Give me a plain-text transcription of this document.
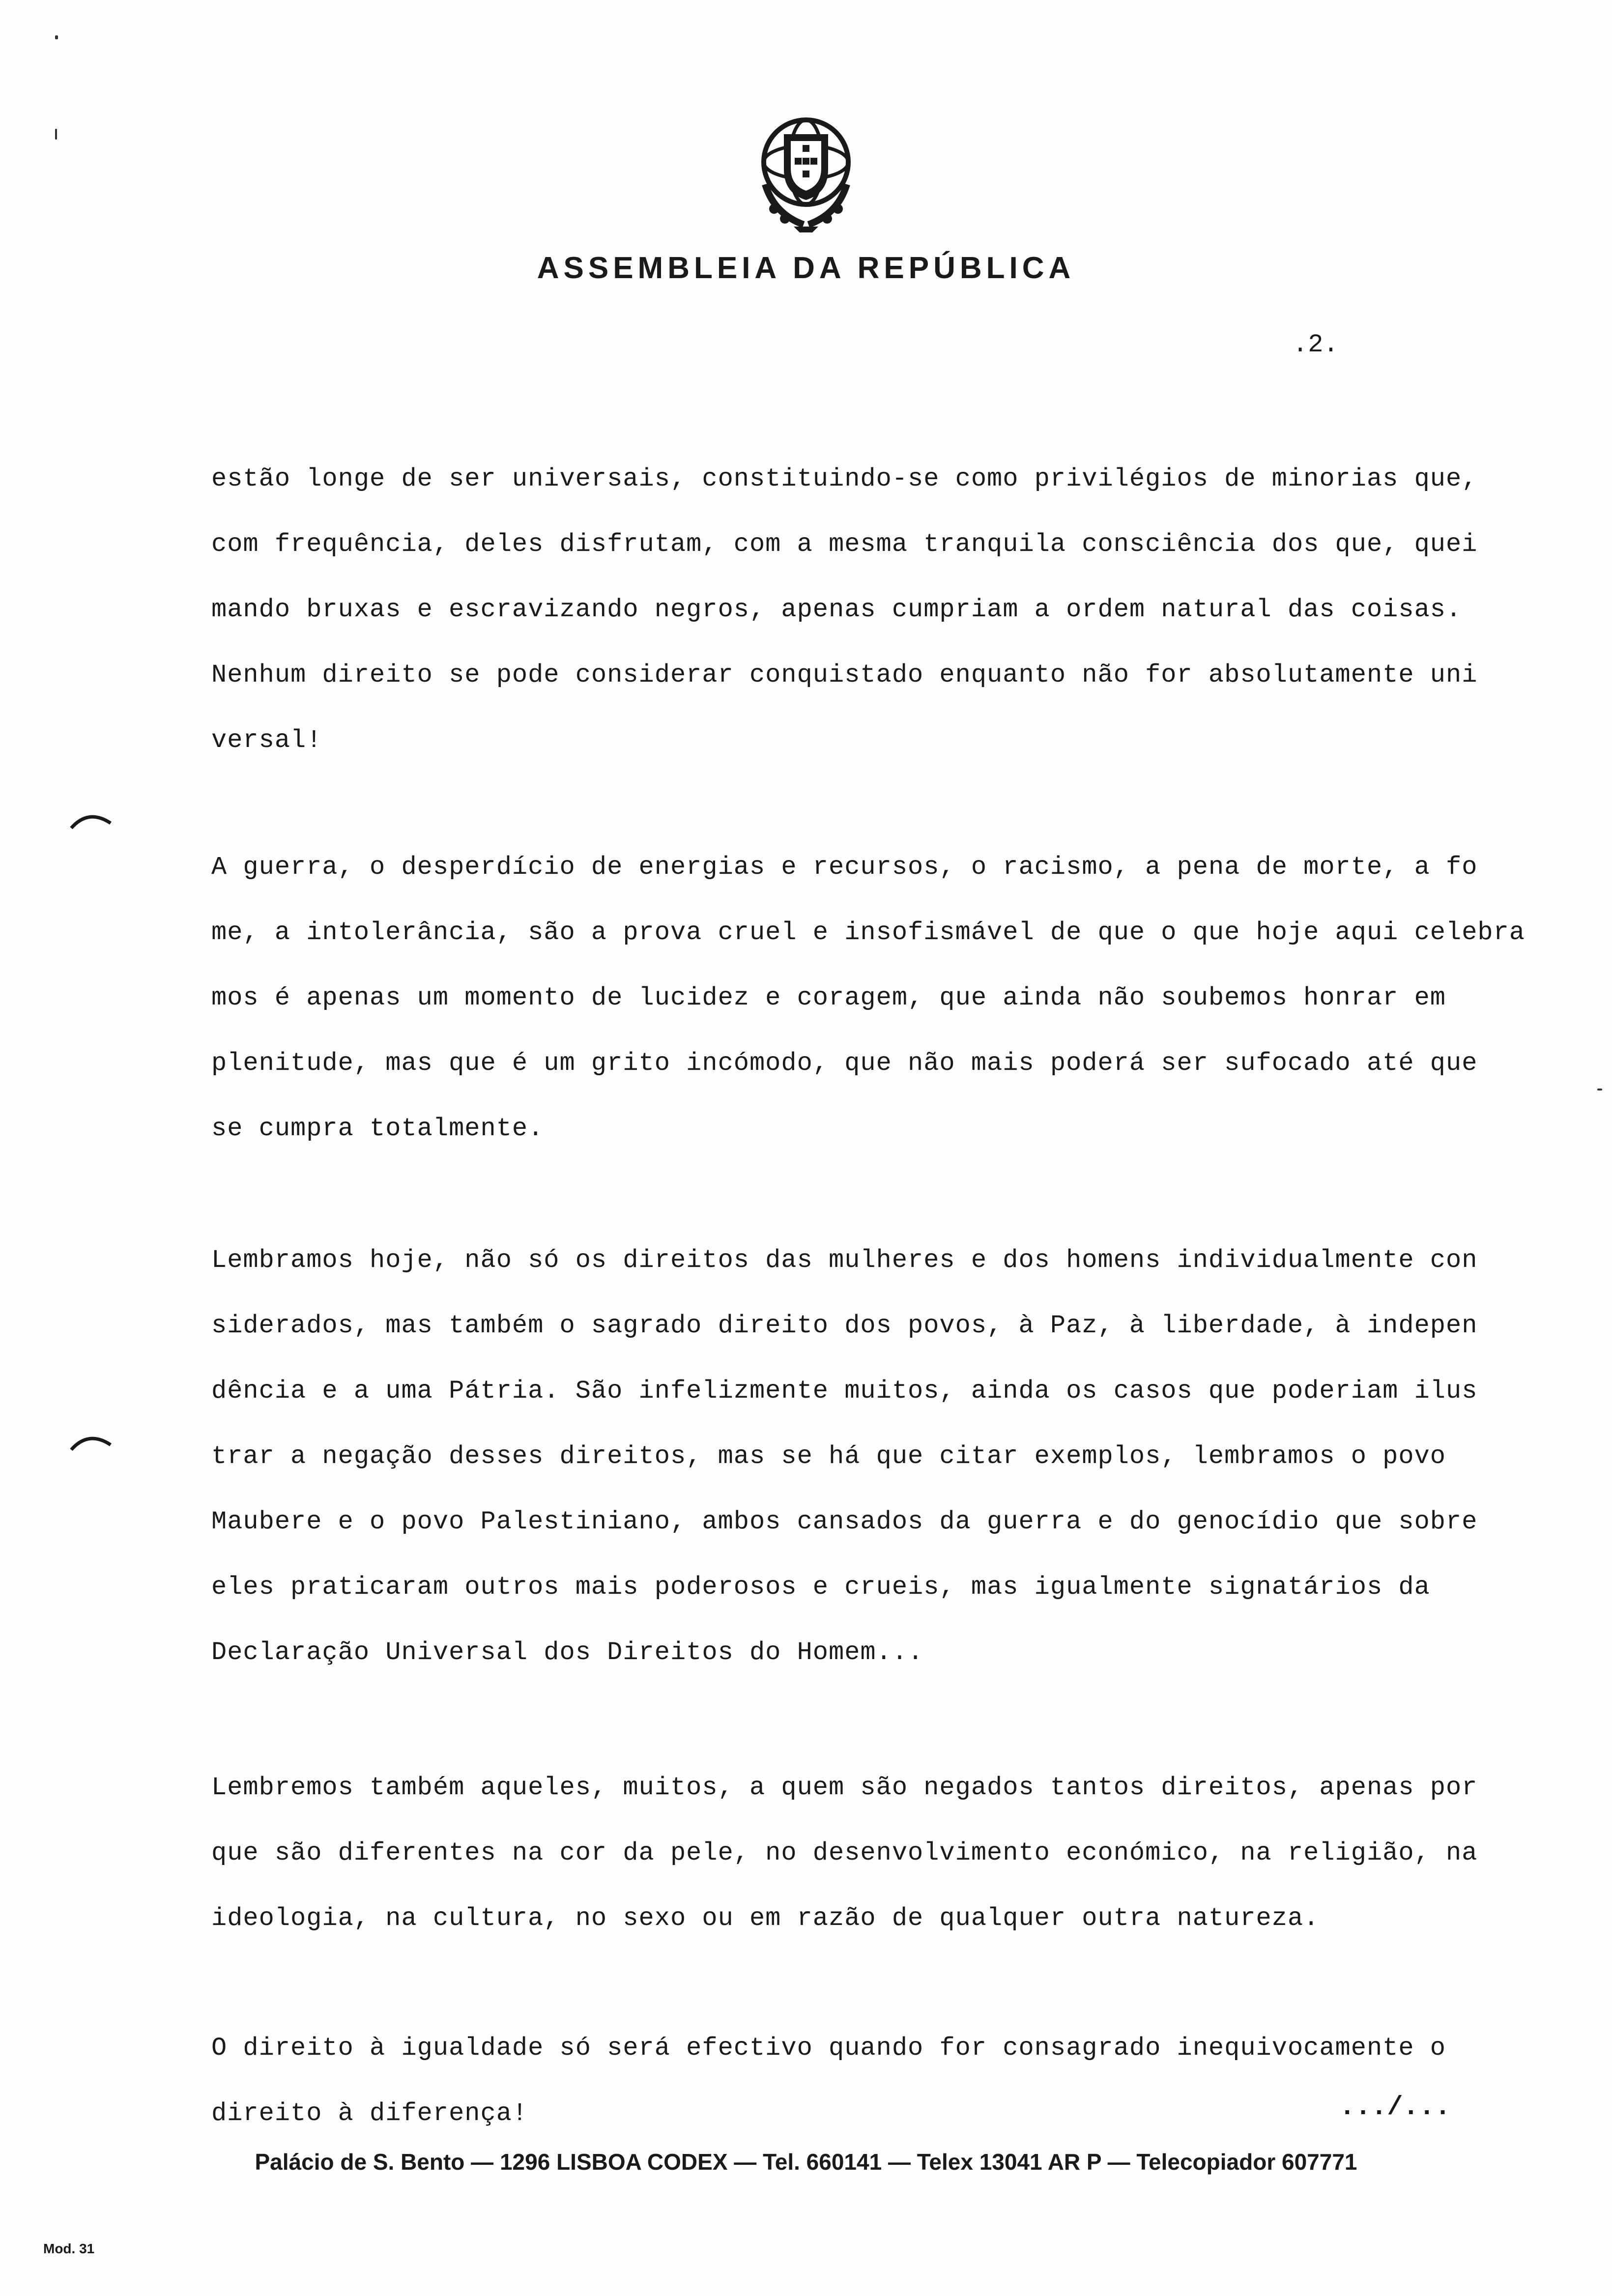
ASSEMBLEIA DA REPÚBLICA
.2.
estão longe de ser universais, constituindo-se como privilégios de minorias que,
com frequência, deles disfrutam, com a mesma tranquila consciência dos que, quei
mando bruxas e escravizando negros, apenas cumpriam a ordem natural das coisas.
Nenhum direito se pode considerar conquistado enquanto não for absolutamente uni
versal!
A guerra, o desperdício de energias e recursos, o racismo, a pena de morte, a fo
me, a intolerância, são a prova cruel e insofismável de que o que hoje aqui celebra
mos é apenas um momento de lucidez e coragem, que ainda não soubemos honrar em
plenitude, mas que é um grito incómodo, que não mais poderá ser sufocado até que
se cumpra totalmente.
Lembramos hoje, não só os direitos das mulheres e dos homens individualmente con
siderados, mas também o sagrado direito dos povos, à Paz, à liberdade, à indepen
dência e a uma Pátria. São infelizmente muitos, ainda os casos que poderiam ilus
trar a negação desses direitos, mas se há que citar exemplos, lembramos o povo
Maubere e o povo Palestiniano, ambos cansados da guerra e do genocídio que sobre
eles praticaram outros mais poderosos e crueis, mas igualmente signatários da
Declaração Universal dos Direitos do Homem...
Lembremos também aqueles, muitos, a quem são negados tantos direitos, apenas por
que são diferentes na cor da pele, no desenvolvimento económico, na religião, na
ideologia, na cultura, no sexo ou em razão de qualquer outra natureza.
O direito à igualdade só será efectivo quando for consagrado inequivocamente o
direito à diferença!	.../...
Palácio de S. Bento — 1296 LISBOA CODEX — Tel. 660141 — Telex 13041 AR P — Telecopiador 607771
Mod. 31
